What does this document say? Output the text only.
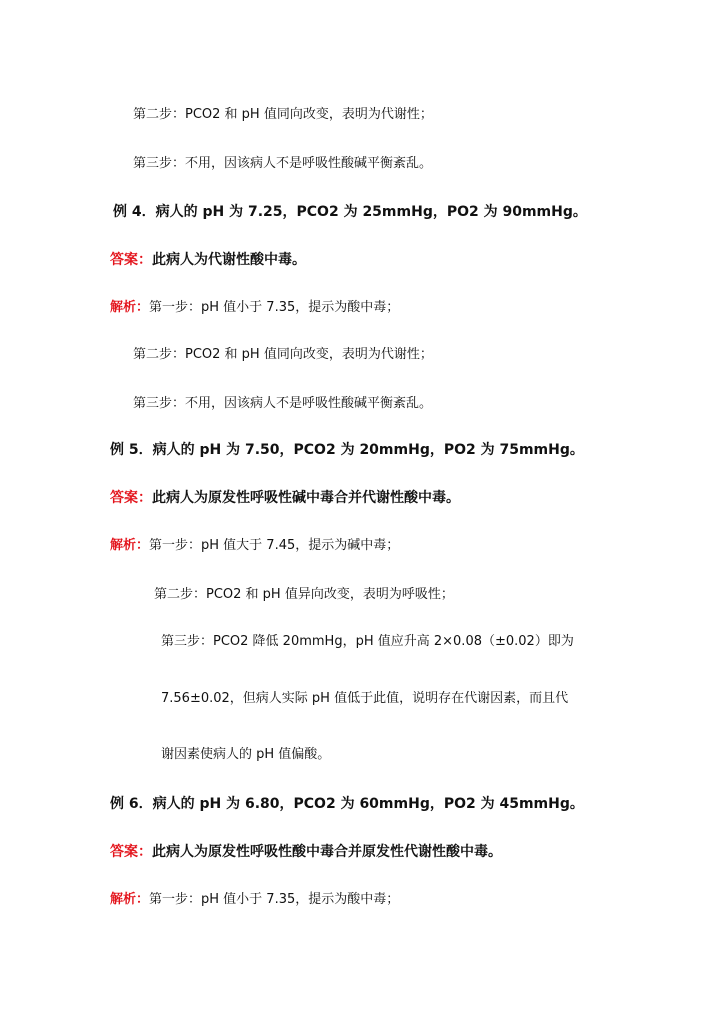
第二步：PCO2 和 pH 值同向改变，表明为代谢性；
第三步：不用，因该病人不是呼吸性酸碱平衡紊乱。
例 4．病人的 pH 为 7.25，PCO2 为 25mmHg，PO2 为 90mmHg。
答案：此病人为代谢性酸中毒。
解析：第一步：pH 值小于 7.35，提示为酸中毒；
第二步：PCO2 和 pH 值同向改变，表明为代谢性；
第三步：不用，因该病人不是呼吸性酸碱平衡紊乱。
例 5．病人的 pH 为 7.50，PCO2 为 20mmHg，PO2 为 75mmHg。
答案：此病人为原发性呼吸性碱中毒合并代谢性酸中毒。
解析：第一步：pH 值大于 7.45，提示为碱中毒；
第二步：PCO2 和 pH 值异向改变，表明为呼吸性；
第三步：PCO2 降低 20mmHg，pH 值应升高 2×0.08（±0.02）即为
7.56±0.02，但病人实际 pH 值低于此值，说明存在代谢因素，而且代
谢因素使病人的 pH 值偏酸。
例 6．病人的 pH 为 6.80，PCO2 为 60mmHg，PO2 为 45mmHg。
答案：此病人为原发性呼吸性酸中毒合并原发性代谢性酸中毒。
解析：第一步：pH 值小于 7.35，提示为酸中毒；
